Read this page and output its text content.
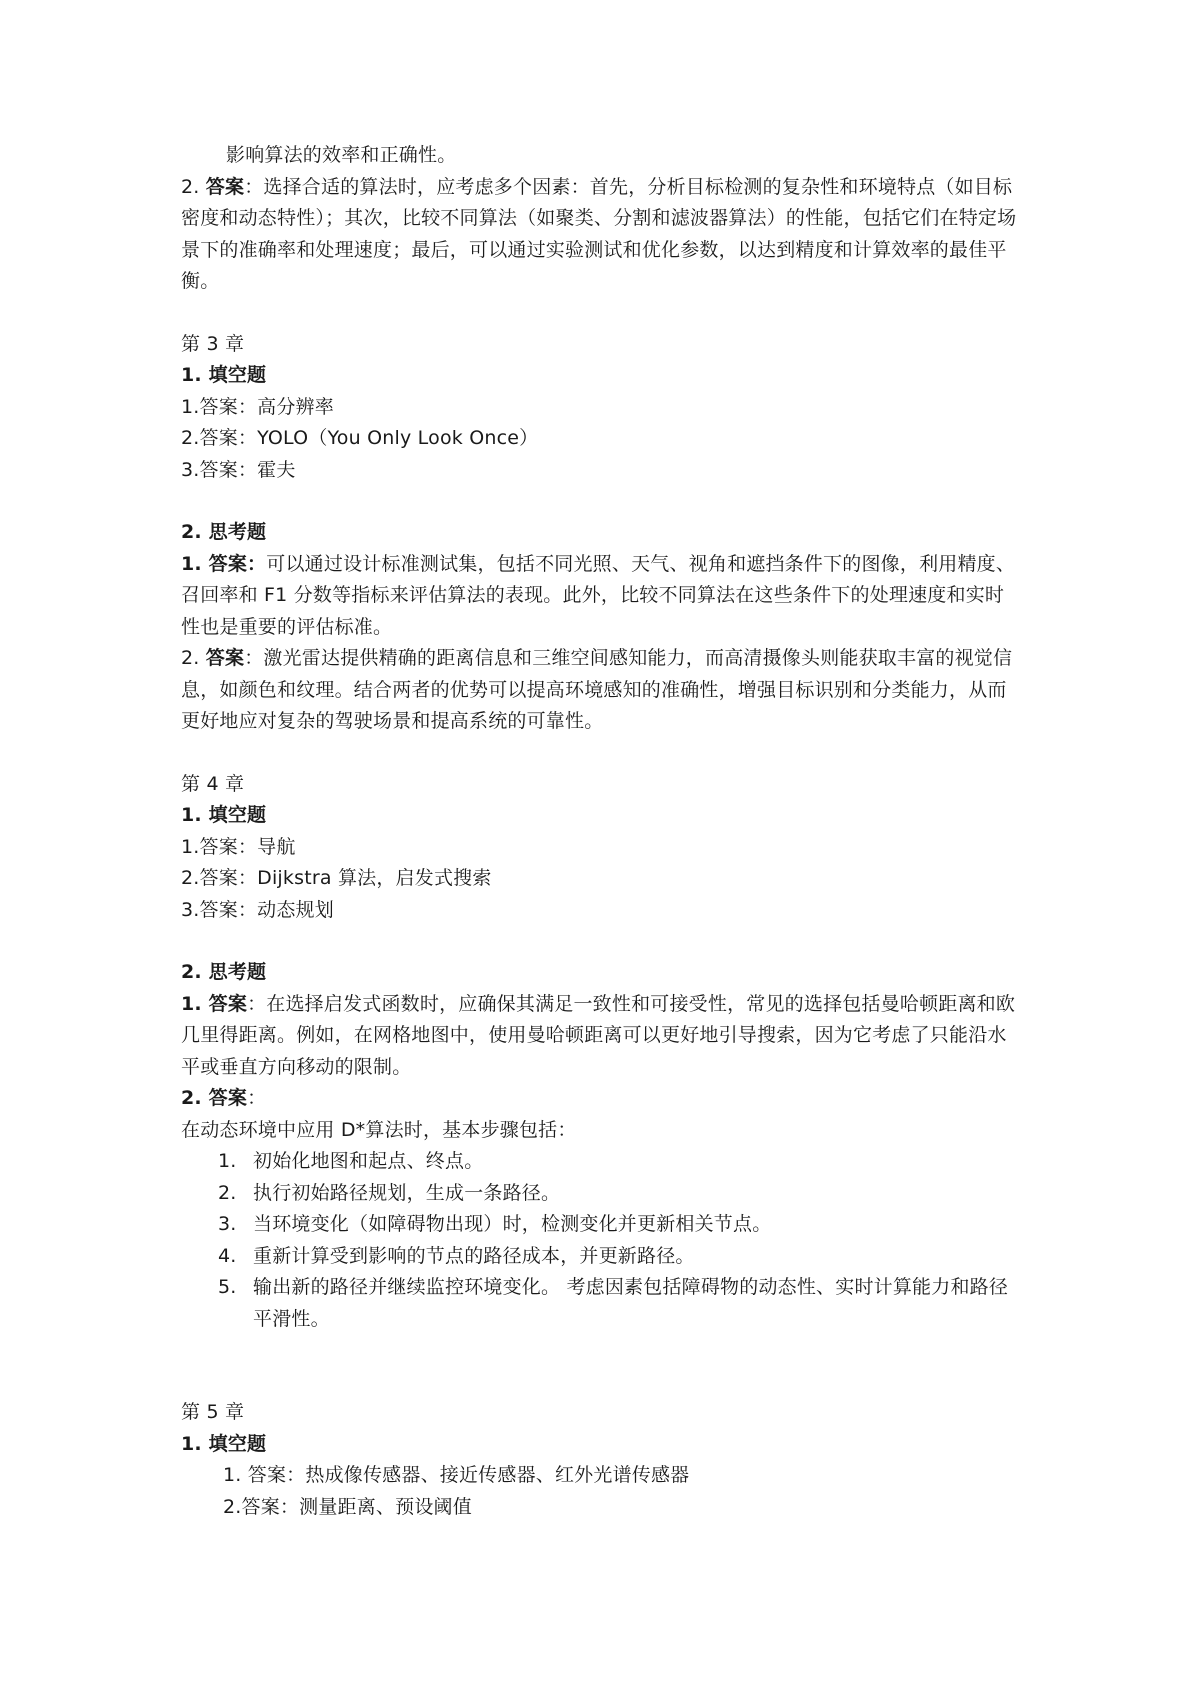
影响算法的效率和正确性。

2. 答案：选择合适的算法时，应考虑多个因素：首先，分析目标检测的复杂性和环境特点（如目标密度和动态特性）；其次，比较不同算法（如聚类、分割和滤波器算法）的性能，包括它们在特定场景下的准确率和处理速度；最后，可以通过实验测试和优化参数，以达到精度和计算效率的最佳平衡。

第 3 章

1. 填空题

1.答案：高分辨率

2.答案：YOLO（You Only Look Once）

3.答案：霍夫

2. 思考题

1. 答案：可以通过设计标准测试集，包括不同光照、天气、视角和遮挡条件下的图像，利用精度、召回率和 F1 分数等指标来评估算法的表现。此外，比较不同算法在这些条件下的处理速度和实时性也是重要的评估标准。

2. 答案：激光雷达提供精确的距离信息和三维空间感知能力，而高清摄像头则能获取丰富的视觉信息，如颜色和纹理。结合两者的优势可以提高环境感知的准确性，增强目标识别和分类能力，从而更好地应对复杂的驾驶场景和提高系统的可靠性。

第 4 章

1. 填空题

1.答案：导航

2.答案：Dijkstra 算法，启发式搜索

3.答案：动态规划

2. 思考题

1. 答案：在选择启发式函数时，应确保其满足一致性和可接受性，常见的选择包括曼哈顿距离和欧几里得距离。例如，在网格地图中，使用曼哈顿距离可以更好地引导搜索，因为它考虑了只能沿水平或垂直方向移动的限制。

2. 答案：

在动态环境中应用 D*算法时，基本步骤包括：

1. 初始化地图和起点、终点。
2. 执行初始路径规划，生成一条路径。
3. 当环境变化（如障碍物出现）时，检测变化并更新相关节点。
4. 重新计算受到影响的节点的路径成本，并更新路径。
5. 输出新的路径并继续监控环境变化。 考虑因素包括障碍物的动态性、实时计算能力和路径平滑性。

第 5 章

1. 填空题

1. 答案：热成像传感器、接近传感器、红外光谱传感器

2.答案：测量距离、预设阈值
